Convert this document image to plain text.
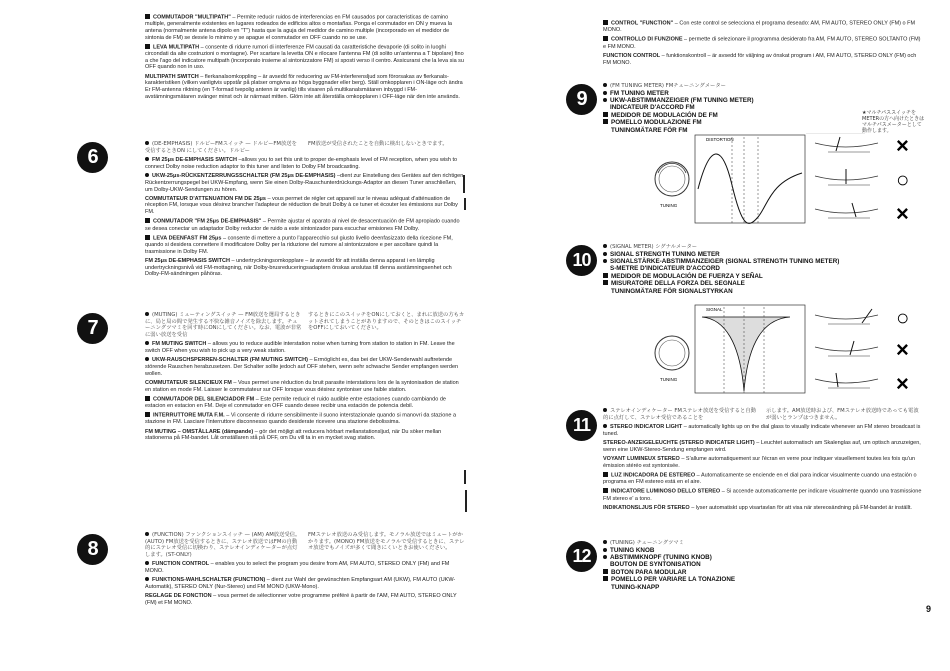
COMMUTADOR "MULTIPATH" – Permite reducir ruidos de interferencias en FM causados por caracteristicas de camino multiple, generalmente existentes en lugares rodeados de edificios altos o montañas. Ponga el conmutador en ON y mueva la antena (normalmente antena dipolo en "T") hasta que la aguja del medidor de camino multiple (incorporado en el medidor de sintonia de FM) se desvie lo minimo y se apague el conmutador en OFF cuando no se use.

LEVA MULTIPATH – consente di ridurre rumori di interferenze FM causati da caratteristiche devaporie (di solito in luoghi circondati da alte costruzioni o montagne). Per scartare la levetta ON e rilocare l'antenna FM (di solito un'antenna a T bipolare) fino a che l'ago del indicatore multipath (incorporato insieme al sintonizzatore FM) si sposti verso il centro. Assicurarsi che la leva sia su OFF quando non in uso.

MULTIPATH SWITCH – flerkanalsomkoppling – är avsedd för reducering av FM-interferensljud som förorsakas av flerkanals-karakteristiken (vilken vanligtvis uppstår på platser omgivna av höga byggnader eller berg). Ställ omkopplaren i ON-läge och ändra Er FM-antenns riktning (en T-formad tvepolig antenn är vanlig) tills visaren på multikanalsmätaren inbyggd i FM-avstämningsmätaren svänger minst och är närmast mitten. Glöm inte att återställa omkopplaren i OFF-läge när den inte används.

6
(DE-EMPHASIS) ドルビーFMスイッチ — ドルビーFM放送を受信するときON にしてください。ドルビー
FM放送が受信されたことを自動に検出しないときでます。

FM 25μs DE-EMPHASIS SWITCH –allows you to set this unit to proper de-emphasis level of FM reception, when you wish to connect Dolby noise reduction adaptor to this tuner and listen to Dolby FM broadcasting.

UKW-25μs-RÜCKENTZERRUNGSSCHALTER (FM 25μs DE-EMPHASIS) –dient zur Einstellung des Gerätes auf den richtigen Rückentzerrungspegel bei UKW-Empfang, wenn Sie einen Dolby-Rauschunterdrückungs-Adaptor an diesen Tuner anschließen, um Dolby-UKW-Sendungen zu hören.

COMMUTATEUR D'ATTENUATION FM DE 25μs – vous permet de régler cet appareil sur le niveau adéquat d'atténuation de réception FM, lorsque vous désirez brancher l'adapteur de réduction de bruit Dolby à ce tuner et écouter les émissions sur Dolby FM.

CONMUTADOR "FM 25μs DE-EMPHASIS" – Permite ajustar el aparato al nivel de desacentuación de FM apropiado cuando se desea conectar un adaptador Dolby reductor de ruido a este sintonizador para escuchar emisiones FM Dolby.

LEVA DEENFAST FM 25μs – consente di mettere a punto l'apparecchio sul giusto livello deenfasizzato della ricezione FM, quando si desidera connettere il modificatore Dolby per la riduzione del rumore al sintonizzatore e per ascoltare quindi la trasmissione in Dolby FM.

FM 25μs DE-EMPHASIS SWITCH – undertryckningsomkopplare – är avsedd för att inställa denna apparat i en lämplig undertryckningsnivå vid FM-mottagning, när Dolby-brusreduceringsadaptern önskas anslutas till denna avstämningsenhet och Dolby-FM-sändningen påhöras.

7
(MUTING) ミューティングスイッチ — FM放送を選局するときに、局と局の間で発生する不快な雑音ノイズを除去します。チューニングツマミを回す時にONにしてください。なお、電波が非常に弱い放送を受信
するときにこのスイッチをONにしておくと、まれに放送の方もカットされてしまうことがありますので、そのときはこのスイッチをOFFにしておいてください。

FM MUTING SWITCH – allows you to reduce audible interstation noise when turning from station to station in FM. Leave the switch OFF when you wish to pick up a very weak station.

UKW-RAUSCHSPERREN-SCHALTER (FM MUTING SWITCH) – Ermöglicht es, das bei der UKW-Senderwahl auftretende störende Rauschen herabzusetzen. Der Schalter sollte jedoch auf OFF stehen, wenn sehr schwache Sender empfangen werden wollen.

COMMUTATEUR SILENCIEUX FM – Vous permet une réduction du bruit parasite interstations lors de la syntonisation de station en station en mode FM. Laisser le commutateur sur OFF lorsque vous désirez syntoniser une faible station.

CONMUTADOR DEL SILENCIADOR FM – Este permite reducir el ruido audible entre estaciones cuando cambiando de estacion en estacion en FM. Deje el conmutador en OFF cuando desee recibir una estación de potencia debil.

INTERRUTTORE MUTA F.M. – Vi consente di ridurre sensibilmente il suono interstazionale quando si manovri da stazione a stazione in FM. Lasciare l'interruttore disconnesso quando desiderate ricevere una stazione debolissima.

FM MUTING – OMSTÄLLARE (dämpande) – gör det möjligt att reducera hörbart mellanstationsljud, när Du söker mellan stationerna på FM-bandet. Låt omställaren stå på OFF, om Du vill ta in en mycket svag station.

8
(FUNCTION) ファンクションスイッチ — (AM) AM放送受信。(AUTO) FM放送を受信するときに、ステレオ放送ではFMの自動的にステレオ受信に切換わり、ステレオインディケーターが点灯します。(ST-ONLY)
FMステレオ放送のみ受信します。モノラル放送ではミュートがかかります。(MONO) FM放送をモノラルで受信するときに、ステレオ放送でもノイズが多くて聞きにくいときお使いください。

FUNCTION CONTROL – enables you to select the program you desire from AM, FM AUTO, STEREO ONLY (FM) and FM MONO.

FUNKTIONS-WAHLSCHALTER (FUNCTION) – dient zur Wahl der gewünschten Empfangsart AM (UKW), FM AUTO (UKW-Automatik), STEREO ONLY (Nur-Stereo) und FM MONO (UKW-Mono).

REGLAGE DE FONCTION – vous permet de sélectionner votre programme préféré à partir de l'AM, FM AUTO, STEREO ONLY (FM) et FM MONO.

CONTROL "FUNCTION" – Con este control se selecciona el programa deseado: AM, FM AUTO, STEREO ONLY (FM) o FM MONO.

CONTROLLO DI FUNZIONE – permette di selezionare il programma desiderato fra AM, FM AUTO, STEREO SOLTANTO (FM) e FM MONO.

FUNCTION CONTROL – funktionskontroll – är avsedd för väljning av önskat program i AM, FM AUTO, STEREO ONLY (FM) och FM MONO.

9
(FM TUNING METER) FMチューニングメーター

FM TUNING METER

UKW-ABSTIMMANZEIGER (FM TUNING METER)

INDICATEUR D'ACCORD FM

MEDIDOR DE MODULACIÓN DE FM

POMELLO MODULAZIONE FM

TUNINGMÄTARE FÖR FM

★マルチパススイッチをMETERの方へ向けたときはマルチパスメーターとして動作します。
TUNING
DISTORTION	×
○
×
10
(SIGNAL METER) シグナルメーター

SIGNAL STRENGTH TUNING METER

SIGNALSTÄRKE-ABSTIMMANZEIGER (SIGNAL STRENGTH TUNING METER)

S-METRE D'INDICATEUR D'ACCORD

MEDIDOR DE MODULACIÓN DE FUERZA Y SEÑAL

MISURATORE DELLA FORZA DEL SEGNALE

TUNINGMÄTARE FÖR SIGNALSTYRKAN

TUNING
SIGNAL	○
×
×
11
ステレオインディケーター FMステレオ放送を受信すると自動的に点灯して、ステレオ受信であることを
示します。AM放送時および、FMステレオ放送時であっても電波が弱いとランプはつきません。

STEREO INDICATOR LIGHT – automatically lights up on the dial glass to visually indicate whenever an FM stereo broadcast is tuned.

STEREO-ANZEIGELEUCHTE (STEREO INDICATER LIGHT) – Leuchtet automatisch am Skalenglas auf, um optisch anzuzeigen, wenn eine UKW-Stereo-Sendung empfangen wird.

VOYANT LUMINEUX STEREO – S'allume automatiquement sur l'écran en verre pour indiquer visuellement toutes les fois qu'un émission stéréo est syntonisée.

LUZ INDICADORA DE ESTEREO – Automaticamente se enciende en el dial para indicar visualmente cuando una estación o programa en FM estereo está en el aire.

INDICATORE LUMINOSO DELLO STEREO – Si accende automaticamente per indicare visualmente quando una trasmissione FM stereo e' a tono.

INDIKATIONSLJUS FÖR STEREO – lyser automatiskt upp visartavlan för att visa när stereosändning på FM-bandet är inställt.

12
(TUNING) チューニングツマミ

TUNING KNOB

ABSTIMMKNOPF (TUNING KNOB)

BOUTON DE SYNTONISATION

BOTON PARA MODULAR

POMELLO PER VARIARE LA TONAZIONE

TUNING-KNAPP

9
